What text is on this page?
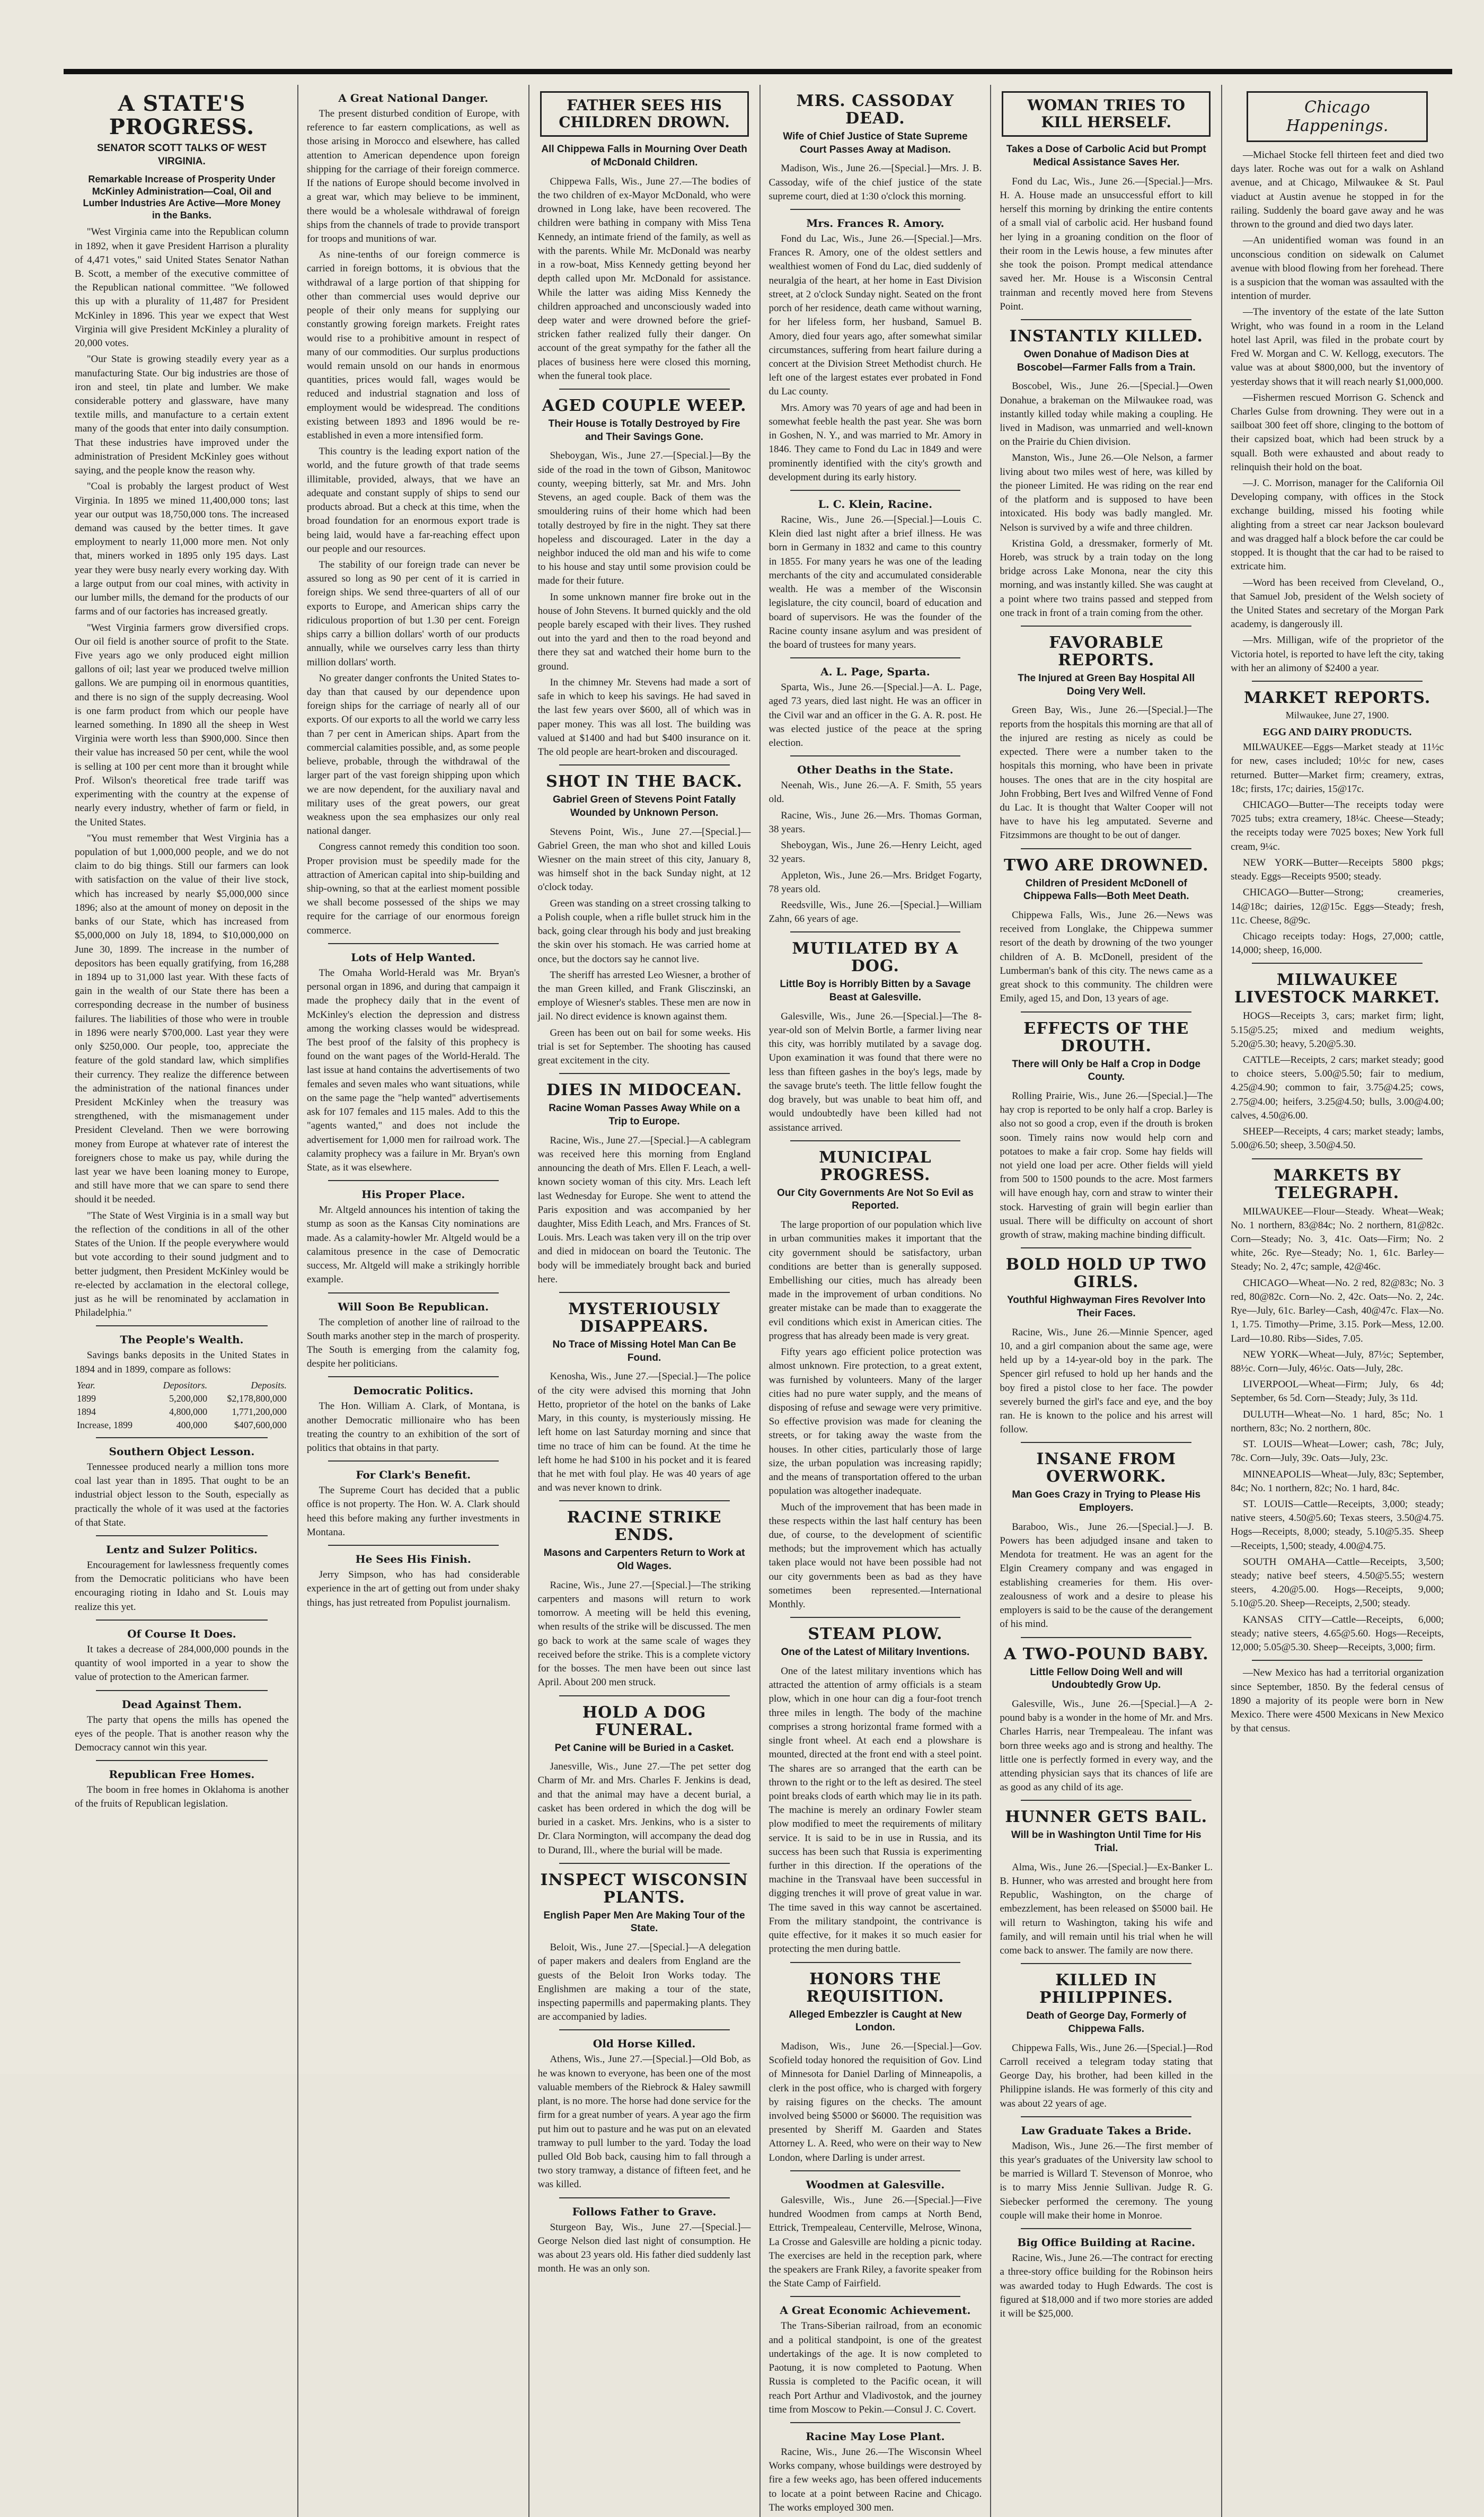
A STATE'S PROGRESS.
SENATOR SCOTT TALKS OF WEST VIRGINIA.
Remarkable Increase of Prosperity Under McKinley Administration—Coal, Oil and Lumber Industries Are Active—More Money in the Banks.

"West Virginia came into the Republican column in 1892, when it gave President Harrison a plurality of 4,471 votes," said United States Senator Nathan B. Scott, a member of the executive committee of the Republican national committee. "We followed this up with a plurality of 11,487 for President McKinley in 1896. This year we expect that West Virginia will give President McKinley a plurality of 20,000 votes.

"Our State is growing steadily every year as a manufacturing State. Our big industries are those of iron and steel, tin plate and lumber. We make considerable pottery and glassware, have many textile mills, and manufacture to a certain extent many of the goods that enter into daily consumption. That these industries have improved under the administration of President McKinley goes without saying, and the people know the reason why.

"Coal is probably the largest product of West Virginia. In 1895 we mined 11,400,000 tons; last year our output was 18,750,000 tons. The increased demand was caused by the better times. It gave employment to nearly 11,000 more men. Not only that, miners worked in 1895 only 195 days. Last year they were busy nearly every working day. With a large output from our coal mines, with activity in our lumber mills, the demand for the products of our farms and of our factories has increased greatly.

"West Virginia farmers grow diversified crops. Our oil field is another source of profit to the State. Five years ago we only produced eight million gallons of oil; last year we produced twelve million gallons. We are pumping oil in enormous quantities, and there is no sign of the supply decreasing. Wool is one farm product from which our people have learned something. In 1890 all the sheep in West Virginia were worth less than $900,000. Since then their value has increased 50 per cent, while the wool is selling at 100 per cent more than it brought while Prof. Wilson's theoretical free trade tariff was experimenting with the country at the expense of nearly every industry, whether of farm or field, in the United States.

"You must remember that West Virginia has a population of but 1,000,000 people, and we do not claim to do big things. Still our farmers can look with satisfaction on the value of their live stock, which has increased by nearly $5,000,000 since 1896; also at the amount of money on deposit in the banks of our State, which has increased from $5,000,000 on July 18, 1894, to $10,000,000 on June 30, 1899. The increase in the number of depositors has been equally gratifying, from 16,288 in 1894 up to 31,000 last year. With these facts of gain in the wealth of our State there has been a corresponding decrease in the number of business failures. The liabilities of those who were in trouble in 1896 were nearly $700,000. Last year they were only $250,000. Our people, too, appreciate the feature of the gold standard law, which simplifies their currency. They realize the difference between the administration of the national finances under President McKinley when the treasury was strengthened, with the mismanagement under President Cleveland. Then we were borrowing money from Europe at whatever rate of interest the foreigners chose to make us pay, while during the last year we have been loaning money to Europe, and still have more that we can spare to send there should it be needed.

"The State of West Virginia is in a small way but the reflection of the conditions in all of the other States of the Union. If the people everywhere would but vote according to their sound judgment and to better judgment, then President McKinley would be re-elected by acclamation in the electoral college, just as he will be renominated by acclamation in Philadelphia."

The People's Wealth.

Savings banks deposits in the United States in 1894 and in 1899, compare as follows:

Year.	Depositors.	Deposits.
1899	5,200,000	$2,178,800,000
1894	4,800,000	1,771,200,000
Increase, 1899	400,000	$407,600,000
Southern Object Lesson.

Tennessee produced nearly a million tons more coal last year than in 1895. That ought to be an industrial object lesson to the South, especially as practically the whole of it was used at the factories of that State.

Lentz and Sulzer Politics.

Encouragement for lawlessness frequently comes from the Democratic politicians who have been encouraging rioting in Idaho and St. Louis may realize this yet.

Of Course It Does.

It takes a decrease of 284,000,000 pounds in the quantity of wool imported in a year to show the value of protection to the American farmer.

Dead Against Them.

The party that opens the mills has opened the eyes of the people. That is another reason why the Democracy cannot win this year.

Republican Free Homes.

The boom in free homes in Oklahoma is another of the fruits of Republican legislation.

A Great National Danger.

The present disturbed condition of Europe, with reference to far eastern complications, as well as those arising in Morocco and elsewhere, has called attention to American dependence upon foreign shipping for the carriage of their foreign commerce. If the nations of Europe should become involved in a great war, which may believe to be imminent, there would be a wholesale withdrawal of foreign ships from the channels of trade to provide transport for troops and munitions of war.

As nine-tenths of our foreign commerce is carried in foreign bottoms, it is obvious that the withdrawal of a large portion of that shipping for other than commercial uses would deprive our people of their only means for supplying our constantly growing foreign markets. Freight rates would rise to a prohibitive amount in respect of many of our commodities. Our surplus productions would remain unsold on our hands in enormous quantities, prices would fall, wages would be reduced and industrial stagnation and loss of employment would be widespread. The conditions existing between 1893 and 1896 would be re-established in even a more intensified form.

This country is the leading export nation of the world, and the future growth of that trade seems illimitable, provided, always, that we have an adequate and constant supply of ships to send our products abroad. But a check at this time, when the broad foundation for an enormous export trade is being laid, would have a far-reaching effect upon our people and our resources.

The stability of our foreign trade can never be assured so long as 90 per cent of it is carried in foreign ships. We send three-quarters of all of our exports to Europe, and American ships carry the ridiculous proportion of but 1.30 per cent. Foreign ships carry a billion dollars' worth of our products annually, while we ourselves carry less than thirty million dollars' worth.

No greater danger confronts the United States to-day than that caused by our dependence upon foreign ships for the carriage of nearly all of our exports. Of our exports to all the world we carry less than 7 per cent in American ships. Apart from the commercial calamities possible, and, as some people believe, probable, through the withdrawal of the larger part of the vast foreign shipping upon which we are now dependent, for the auxiliary naval and military uses of the great powers, our great weakness upon the sea emphasizes our only real national danger.

Congress cannot remedy this condition too soon. Proper provision must be speedily made for the attraction of American capital into ship-building and ship-owning, so that at the earliest moment possible we shall become possessed of the ships we may require for the carriage of our enormous foreign commerce.

Lots of Help Wanted.

The Omaha World-Herald was Mr. Bryan's personal organ in 1896, and during that campaign it made the prophecy daily that in the event of McKinley's election the depression and distress among the working classes would be widespread. The best proof of the falsity of this prophecy is found on the want pages of the World-Herald. The last issue at hand contains the advertisements of two females and seven males who want situations, while on the same page the "help wanted" advertisements ask for 107 females and 115 males. Add to this the "agents wanted," and does not include the advertisement for 1,000 men for railroad work. The calamity prophecy was a failure in Mr. Bryan's own State, as it was elsewhere.

His Proper Place.

Mr. Altgeld announces his intention of taking the stump as soon as the Kansas City nominations are made. As a calamity-howler Mr. Altgeld would be a calamitous presence in the case of Democratic success, Mr. Altgeld will make a strikingly horrible example.

Will Soon Be Republican.

The completion of another line of railroad to the South marks another step in the march of prosperity. The South is emerging from the calamity fog, despite her politicians.

Democratic Politics.

The Hon. William A. Clark, of Montana, is another Democratic millionaire who has been treating the country to an exhibition of the sort of politics that obtains in that party.

For Clark's Benefit.

The Supreme Court has decided that a public office is not property. The Hon. W. A. Clark should heed this before making any further investments in Montana.

He Sees His Finish.

Jerry Simpson, who has had considerable experience in the art of getting out from under shaky things, has just retreated from Populist journalism.

FATHER SEES HIS CHILDREN DROWN.
All Chippewa Falls in Mourning Over Death of McDonald Children.

Chippewa Falls, Wis., June 27.—The bodies of the two children of ex-Mayor McDonald, who were drowned in Long lake, have been recovered. The children were bathing in company with Miss Tena Kennedy, an intimate friend of the family, as well as with the parents. While Mr. McDonald was nearby in a row-boat, Miss Kennedy getting beyond her depth called upon Mr. McDonald for assistance. While the latter was aiding Miss Kennedy the children approached and unconsciously waded into deep water and were drowned before the grief-stricken father realized fully their danger. On account of the great sympathy for the father all the places of business here were closed this morning, when the funeral took place.

AGED COUPLE WEEP.
Their House is Totally Destroyed by Fire and Their Savings Gone.

Sheboygan, Wis., June 27.—[Special.]—By the side of the road in the town of Gibson, Manitowoc county, weeping bitterly, sat Mr. and Mrs. John Stevens, an aged couple. Back of them was the smouldering ruins of their home which had been totally destroyed by fire in the night. They sat there hopeless and discouraged. Later in the day a neighbor induced the old man and his wife to come to his house and stay until some provision could be made for their future.

In some unknown manner fire broke out in the house of John Stevens. It burned quickly and the old people barely escaped with their lives. They rushed out into the yard and then to the road beyond and there they sat and watched their home burn to the ground.

In the chimney Mr. Stevens had made a sort of safe in which to keep his savings. He had saved in the last few years over $600, all of which was in paper money. This was all lost. The building was valued at $1400 and had but $400 insurance on it. The old people are heart-broken and discouraged.

SHOT IN THE BACK.
Gabriel Green of Stevens Point Fatally Wounded by Unknown Person.

Stevens Point, Wis., June 27.—[Special.]—Gabriel Green, the man who shot and killed Louis Wiesner on the main street of this city, January 8, was himself shot in the back Sunday night, at 12 o'clock today.

Green was standing on a street crossing talking to a Polish couple, when a rifle bullet struck him in the back, going clear through his body and just breaking the skin over his stomach. He was carried home at once, but the doctors say he cannot live.

The sheriff has arrested Leo Wiesner, a brother of the man Green killed, and Frank Glisczinski, an employe of Wiesner's stables. These men are now in jail. No direct evidence is known against them.

Green has been out on bail for some weeks. His trial is set for September. The shooting has caused great excitement in the city.

DIES IN MIDOCEAN.
Racine Woman Passes Away While on a Trip to Europe.

Racine, Wis., June 27.—[Special.]—A cablegram was received here this morning from England announcing the death of Mrs. Ellen F. Leach, a well-known society woman of this city. Mrs. Leach left last Wednesday for Europe. She went to attend the Paris exposition and was accompanied by her daughter, Miss Edith Leach, and Mrs. Frances of St. Louis. Mrs. Leach was taken very ill on the trip over and died in midocean on board the Teutonic. The body will be immediately brought back and buried here.

MYSTERIOUSLY DISAPPEARS.
No Trace of Missing Hotel Man Can Be Found.

Kenosha, Wis., June 27.—[Special.]—The police of the city were advised this morning that John Hetto, proprietor of the hotel on the banks of Lake Mary, in this county, is mysteriously missing. He left home on last Saturday morning and since that time no trace of him can be found. At the time he left home he had $100 in his pocket and it is feared that he met with foul play. He was 40 years of age and was never known to drink.

RACINE STRIKE ENDS.
Masons and Carpenters Return to Work at Old Wages.

Racine, Wis., June 27.—[Special.]—The striking carpenters and masons will return to work tomorrow. A meeting will be held this evening, when results of the strike will be discussed. The men go back to work at the same scale of wages they received before the strike. This is a complete victory for the bosses. The men have been out since last April. About 200 men struck.

HOLD A DOG FUNERAL.
Pet Canine will be Buried in a Casket.

Janesville, Wis., June 27.—The pet setter dog Charm of Mr. and Mrs. Charles F. Jenkins is dead, and that the animal may have a decent burial, a casket has been ordered in which the dog will be buried in a casket. Mrs. Jenkins, who is a sister to Dr. Clara Normington, will accompany the dead dog to Durand, Ill., where the burial will be made.

INSPECT WISCONSIN PLANTS.
English Paper Men Are Making Tour of the State.

Beloit, Wis., June 27.—[Special.]—A delegation of paper makers and dealers from England are the guests of the Beloit Iron Works today. The Englishmen are making a tour of the state, inspecting papermills and papermaking plants. They are accompanied by ladies.

Old Horse Killed.

Athens, Wis., June 27.—[Special.]—Old Bob, as he was known to everyone, has been one of the most valuable members of the Riebrock & Haley sawmill plant, is no more. The horse had done service for the firm for a great number of years. A year ago the firm put him out to pasture and he was put on an elevated tramway to pull lumber to the yard. Today the load pulled Old Bob back, causing him to fall through a two story tramway, a distance of fifteen feet, and he was killed.

Follows Father to Grave.

Sturgeon Bay, Wis., June 27.—[Special.]—George Nelson died last night of consumption. He was about 23 years old. His father died suddenly last month. He was an only son.

MRS. CASSODAY DEAD.
Wife of Chief Justice of State Supreme Court Passes Away at Madison.

Madison, Wis., June 26.—[Special.]—Mrs. J. B. Cassoday, wife of the chief justice of the state supreme court, died at 1:30 o'clock this morning.

Mrs. Frances R. Amory.

Fond du Lac, Wis., June 26.—[Special.]—Mrs. Frances R. Amory, one of the oldest settlers and wealthiest women of Fond du Lac, died suddenly of neuralgia of the heart, at her home in East Division street, at 2 o'clock Sunday night. Seated on the front porch of her residence, death came without warning, for her lifeless form, her husband, Samuel B. Amory, died four years ago, after somewhat similar circumstances, suffering from heart failure during a concert at the Division Street Methodist church. He left one of the largest estates ever probated in Fond du Lac county.

Mrs. Amory was 70 years of age and had been in somewhat feeble health the past year. She was born in Goshen, N. Y., and was married to Mr. Amory in 1846. They came to Fond du Lac in 1849 and were prominently identified with the city's growth and development during its early history.

L. C. Klein, Racine.

Racine, Wis., June 26.—[Special.]—Louis C. Klein died last night after a brief illness. He was born in Germany in 1832 and came to this country in 1855. For many years he was one of the leading merchants of the city and accumulated considerable wealth. He was a member of the Wisconsin legislature, the city council, board of education and board of supervisors. He was the founder of the Racine county insane asylum and was president of the board of trustees for many years.

A. L. Page, Sparta.

Sparta, Wis., June 26.—[Special.]—A. L. Page, aged 73 years, died last night. He was an officer in the Civil war and an officer in the G. A. R. post. He was elected justice of the peace at the spring election.

Other Deaths in the State.

Neenah, Wis., June 26.—A. F. Smith, 55 years old.

Racine, Wis., June 26.—Mrs. Thomas Gorman, 38 years.

Sheboygan, Wis., June 26.—Henry Leicht, aged 32 years.

Appleton, Wis., June 26.—Mrs. Bridget Fogarty, 78 years old.

Reedsville, Wis., June 26.—[Special.]—William Zahn, 66 years of age.

MUTILATED BY A DOG.
Little Boy is Horribly Bitten by a Savage Beast at Galesville.

Galesville, Wis., June 26.—[Special.]—The 8-year-old son of Melvin Bortle, a farmer living near this city, was horribly mutilated by a savage dog. Upon examination it was found that there were no less than fifteen gashes in the boy's legs, made by the savage brute's teeth. The little fellow fought the dog bravely, but was unable to beat him off, and would undoubtedly have been killed had not assistance arrived.

MUNICIPAL PROGRESS.
Our City Governments Are Not So Evil as Reported.

The large proportion of our population which live in urban communities makes it important that the city government should be satisfactory, urban conditions are better than is generally supposed. Embellishing our cities, much has already been made in the improvement of urban conditions. No greater mistake can be made than to exaggerate the evil conditions which exist in American cities. The progress that has already been made is very great.

Fifty years ago efficient police protection was almost unknown. Fire protection, to a great extent, was furnished by volunteers. Many of the larger cities had no pure water supply, and the means of disposing of refuse and sewage were very primitive. So effective provision was made for cleaning the streets, or for taking away the waste from the houses. In other cities, particularly those of large size, the urban population was increasing rapidly; and the means of transportation offered to the urban population was altogether inadequate.

Much of the improvement that has been made in these respects within the last half century has been due, of course, to the development of scientific methods; but the improvement which has actually taken place would not have been possible had not our city governments been as bad as they have sometimes been represented.—International Monthly.

STEAM PLOW.
One of the Latest of Military Inventions.

One of the latest military inventions which has attracted the attention of army officials is a steam plow, which in one hour can dig a four-foot trench three miles in length. The body of the machine comprises a strong horizontal frame formed with a single front wheel. At each end a plowshare is mounted, directed at the front end with a steel point. The shares are so arranged that the earth can be thrown to the right or to the left as desired. The steel point breaks clods of earth which may lie in its path. The machine is merely an ordinary Fowler steam plow modified to meet the requirements of military service. It is said to be in use in Russia, and its success has been such that Russia is experimenting further in this direction. If the operations of the machine in the Transvaal have been successful in digging trenches it will prove of great value in war. The time saved in this way cannot be ascertained. From the military standpoint, the contrivance is quite effective, for it makes it so much easier for protecting the men during battle.

HONORS THE REQUISITION.
Alleged Embezzler is Caught at New London.

Madison, Wis., June 26.—[Special.]—Gov. Scofield today honored the requisition of Gov. Lind of Minnesota for Daniel Darling of Minneapolis, a clerk in the post office, who is charged with forgery by raising figures on the checks. The amount involved being $5000 or $6000. The requisition was presented by Sheriff M. Gaarden and States Attorney L. A. Reed, who were on their way to New London, where Darling is under arrest.

Woodmen at Galesville.

Galesville, Wis., June 26.—[Special.]—Five hundred Woodmen from camps at North Bend, Ettrick, Trempealeau, Centerville, Melrose, Winona, La Crosse and Galesville are holding a picnic today. The exercises are held in the reception park, where the speakers are Frank Riley, a favorite speaker from the State Camp of Fairfield.

A Great Economic Achievement.

The Trans-Siberian railroad, from an economic and a political standpoint, is one of the greatest undertakings of the age. It is now completed to Paotung, it is now completed to Paotung. When Russia is completed to the Pacific ocean, it will reach Port Arthur and Vladivostok, and the journey time from Moscow to Pekin.—Consul J. C. Covert.

Racine May Lose Plant.

Racine, Wis., June 26.—The Wisconsin Wheel Works company, whose buildings were destroyed by fire a few weeks ago, has been offered inducements to locate at a point between Racine and Chicago. The works employed 300 men.

WOMAN TRIES TO KILL HERSELF.
Takes a Dose of Carbolic Acid but Prompt Medical Assistance Saves Her.

Fond du Lac, Wis., June 26.—[Special.]—Mrs. H. A. House made an unsuccessful effort to kill herself this morning by drinking the entire contents of a small vial of carbolic acid. Her husband found her lying in a groaning condition on the floor of their room in the Lewis house, a few minutes after she took the poison. Prompt medical attendance saved her. Mr. House is a Wisconsin Central trainman and recently moved here from Stevens Point.

INSTANTLY KILLED.
Owen Donahue of Madison Dies at Boscobel—Farmer Falls from a Train.

Boscobel, Wis., June 26.—[Special.]—Owen Donahue, a brakeman on the Milwaukee road, was instantly killed today while making a coupling. He lived in Madison, was unmarried and well-known on the Prairie du Chien division.

Manston, Wis., June 26.—Ole Nelson, a farmer living about two miles west of here, was killed by the pioneer Limited. He was riding on the rear end of the platform and is supposed to have been intoxicated. His body was badly mangled. Mr. Nelson is survived by a wife and three children.

Kristina Gold, a dressmaker, formerly of Mt. Horeb, was struck by a train today on the long bridge across Lake Monona, near the city this morning, and was instantly killed. She was caught at a point where two trains passed and stepped from one track in front of a train coming from the other.

FAVORABLE REPORTS.
The Injured at Green Bay Hospital All Doing Very Well.

Green Bay, Wis., June 26.—[Special.]—The reports from the hospitals this morning are that all of the injured are resting as nicely as could be expected. There were a number taken to the hospitals this morning, who have been in private houses. The ones that are in the city hospital are John Frobbing, Bert Ives and Wilfred Venne of Fond du Lac. It is thought that Walter Cooper will not have to have his leg amputated. Severne and Fitzsimmons are thought to be out of danger.

TWO ARE DROWNED.
Children of President McDonell of Chippewa Falls—Both Meet Death.

Chippewa Falls, Wis., June 26.—News was received from Longlake, the Chippewa summer resort of the death by drowning of the two younger children of A. B. McDonell, president of the Lumberman's bank of this city. The news came as a great shock to this community. The children were Emily, aged 15, and Don, 13 years of age.

EFFECTS OF THE DROUTH.
There will Only be Half a Crop in Dodge County.

Rolling Prairie, Wis., June 26.—[Special.]—The hay crop is reported to be only half a crop. Barley is also not so good a crop, even if the drouth is broken soon. Timely rains now would help corn and potatoes to make a fair crop. Some hay fields will not yield one load per acre. Other fields will yield from 500 to 1500 pounds to the acre. Most farmers will have enough hay, corn and straw to winter their stock. Harvesting of grain will begin earlier than usual. There will be difficulty on account of short growth of straw, making machine binding difficult.

BOLD HOLD UP TWO GIRLS.
Youthful Highwayman Fires Revolver Into Their Faces.

Racine, Wis., June 26.—Minnie Spencer, aged 10, and a girl companion about the same age, were held up by a 14-year-old boy in the park. The Spencer girl refused to hold up her hands and the boy fired a pistol close to her face. The powder severely burned the girl's face and eye, and the boy ran. He is known to the police and his arrest will follow.

INSANE FROM OVERWORK.
Man Goes Crazy in Trying to Please His Employers.

Baraboo, Wis., June 26.—[Special.]—J. B. Powers has been adjudged insane and taken to Mendota for treatment. He was an agent for the Elgin Creamery company and was engaged in establishing creameries for them. His over-zealousness of work and a desire to please his employers is said to be the cause of the derangement of his mind.

A TWO-POUND BABY.
Little Fellow Doing Well and will Undoubtedly Grow Up.

Galesville, Wis., June 26.—[Special.]—A 2-pound baby is a wonder in the home of Mr. and Mrs. Charles Harris, near Trempealeau. The infant was born three weeks ago and is strong and healthy. The little one is perfectly formed in every way, and the attending physician says that its chances of life are as good as any child of its age.

HUNNER GETS BAIL.
Will be in Washington Until Time for His Trial.

Alma, Wis., June 26.—[Special.]—Ex-Banker L. B. Hunner, who was arrested and brought here from Republic, Washington, on the charge of embezzlement, has been released on $5000 bail. He will return to Washington, taking his wife and family, and will remain until his trial when he will come back to answer. The family are now there.

KILLED IN PHILIPPINES.
Death of George Day, Formerly of Chippewa Falls.

Chippewa Falls, Wis., June 26.—[Special.]—Rod Carroll received a telegram today stating that George Day, his brother, had been killed in the Philippine islands. He was formerly of this city and was about 22 years of age.

Law Graduate Takes a Bride.

Madison, Wis., June 26.—The first member of this year's graduates of the University law school to be married is Willard T. Stevenson of Monroe, who is to marry Miss Jennie Sullivan. Judge R. G. Siebecker performed the ceremony. The young couple will make their home in Monroe.

Big Office Building at Racine.

Racine, Wis., June 26.—The contract for erecting a three-story office building for the Robinson heirs was awarded today to Hugh Edwards. The cost is figured at $18,000 and if two more stories are added it will be $25,000.

Chicago Happenings.

—Michael Stocke fell thirteen feet and died two days later. Roche was out for a walk on Ashland avenue, and at Chicago, Milwaukee & St. Paul viaduct at Austin avenue he stopped in for the railing. Suddenly the board gave away and he was thrown to the ground and died two days later.

—An unidentified woman was found in an unconscious condition on sidewalk on Calumet avenue with blood flowing from her forehead. There is a suspicion that the woman was assaulted with the intention of murder.

—The inventory of the estate of the late Sutton Wright, who was found in a room in the Leland hotel last April, was filed in the probate court by Fred W. Morgan and C. W. Kellogg, executors. The value was at about $800,000, but the inventory of yesterday shows that it will reach nearly $1,000,000.

—Fishermen rescued Morrison G. Schenck and Charles Gulse from drowning. They were out in a sailboat 300 feet off shore, clinging to the bottom of their capsized boat, which had been struck by a squall. Both were exhausted and about ready to relinquish their hold on the boat.

—J. C. Morrison, manager for the California Oil Developing company, with offices in the Stock exchange building, missed his footing while alighting from a street car near Jackson boulevard and was dragged half a block before the car could be stopped. It is thought that the car had to be raised to extricate him.

—Word has been received from Cleveland, O., that Samuel Job, president of the Welsh society of the United States and secretary of the Morgan Park academy, is dangerously ill.

—Mrs. Milligan, wife of the proprietor of the Victoria hotel, is reported to have left the city, taking with her an alimony of $2400 a year.

MARKET REPORTS.
Milwaukee, June 27, 1900.
EGG AND DAIRY PRODUCTS.

MILWAUKEE—Eggs—Market steady at 11½c for new, cases included; 10½c for new, cases returned. Butter—Market firm; creamery, extras, 18c; firsts, 17c; dairies, 15@17c.

CHICAGO—Butter—The receipts today were 7025 tubs; extra creamery, 18¼c. Cheese—Steady; the receipts today were 7025 boxes; New York full cream, 9¼c.

NEW YORK—Butter—Receipts 5800 pkgs; steady. Eggs—Receipts 9500; steady.

CHICAGO—Butter—Strong; creameries, 14@18c; dairies, 12@15c. Eggs—Steady; fresh, 11c. Cheese, 8@9c.

Chicago receipts today: Hogs, 27,000; cattle, 14,000; sheep, 16,000.

MILWAUKEE LIVESTOCK MARKET.

HOGS—Receipts 3, cars; market firm; light, 5.15@5.25; mixed and medium weights, 5.20@5.30; heavy, 5.20@5.30.

CATTLE—Receipts, 2 cars; market steady; good to choice steers, 5.00@5.50; fair to medium, 4.25@4.90; common to fair, 3.75@4.25; cows, 2.75@4.00; heifers, 3.25@4.50; bulls, 3.00@4.00; calves, 4.50@6.00.

SHEEP—Receipts, 4 cars; market steady; lambs, 5.00@6.50; sheep, 3.50@4.50.

MARKETS BY TELEGRAPH.

MILWAUKEE—Flour—Steady. Wheat—Weak; No. 1 northern, 83@84c; No. 2 northern, 81@82c. Corn—Steady; No. 3, 41c. Oats—Firm; No. 2 white, 26c. Rye—Steady; No. 1, 61c. Barley—Steady; No. 2, 47c; sample, 42@46c.

CHICAGO—Wheat—No. 2 red, 82@83c; No. 3 red, 80@82c. Corn—No. 2, 42c. Oats—No. 2, 24c. Rye—July, 61c. Barley—Cash, 40@47c. Flax—No. 1, 1.75. Timothy—Prime, 3.15. Pork—Mess, 12.00. Lard—10.80. Ribs—Sides, 7.05.

NEW YORK—Wheat—July, 87½c; September, 88½c. Corn—July, 46½c. Oats—July, 28c.

LIVERPOOL—Wheat—Firm; July, 6s 4d; September, 6s 5d. Corn—Steady; July, 3s 11d.

DULUTH—Wheat—No. 1 hard, 85c; No. 1 northern, 83c; No. 2 northern, 80c.

ST. LOUIS—Wheat—Lower; cash, 78c; July, 78c. Corn—July, 39c. Oats—July, 23c.

MINNEAPOLIS—Wheat—July, 83c; September, 84c; No. 1 northern, 82c; No. 1 hard, 84c.

ST. LOUIS—Cattle—Receipts, 3,000; steady; native steers, 4.50@5.60; Texas steers, 3.50@4.75. Hogs—Receipts, 8,000; steady, 5.10@5.35. Sheep—Receipts, 1,500; steady, 4.00@4.75.

SOUTH OMAHA—Cattle—Receipts, 3,500; steady; native beef steers, 4.50@5.55; western steers, 4.20@5.00. Hogs—Receipts, 9,000; 5.10@5.20. Sheep—Receipts, 2,500; steady.

KANSAS CITY—Cattle—Receipts, 6,000; steady; native steers, 4.65@5.60. Hogs—Receipts, 12,000; 5.05@5.30. Sheep—Receipts, 3,000; firm.

—New Mexico has had a territorial organization since September, 1850. By the federal census of 1890 a majority of its people were born in New Mexico. There were 4500 Mexicans in New Mexico by that census.
